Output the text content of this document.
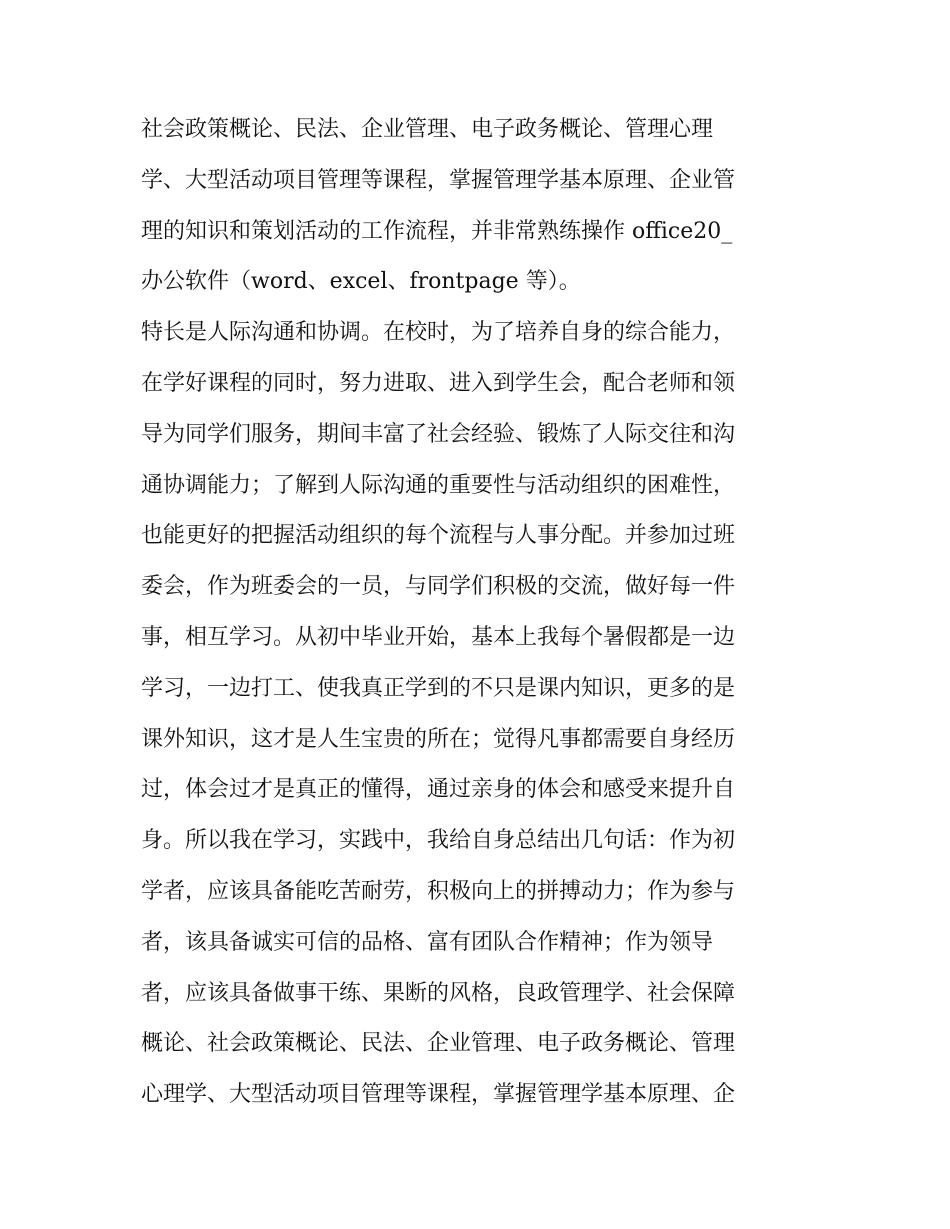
社会政策概论、民法、企业管理、电子政务概论、管理心理
学、大型活动项目管理等课程，掌握管理学基本原理、企业管
理的知识和策划活动的工作流程，并非常熟练操作 office20_
办公软件（word、excel、frontpage 等）。
特长是人际沟通和协调。在校时，为了培养自身的综合能力，
在学好课程的同时，努力进取、进入到学生会，配合老师和领
导为同学们服务，期间丰富了社会经验、锻炼了人际交往和沟
通协调能力；了解到人际沟通的重要性与活动组织的困难性，
也能更好的把握活动组织的每个流程与人事分配。并参加过班
委会，作为班委会的一员，与同学们积极的交流，做好每一件
事，相互学习。从初中毕业开始，基本上我每个暑假都是一边
学习，一边打工、使我真正学到的不只是课内知识，更多的是
课外知识，这才是人生宝贵的所在；觉得凡事都需要自身经历
过，体会过才是真正的懂得，通过亲身的体会和感受来提升自
身。所以我在学习，实践中，我给自身总结出几句话：作为初
学者，应该具备能吃苦耐劳，积极向上的拼搏动力；作为参与
者，该具备诚实可信的品格、富有团队合作精神；作为领导
者，应该具备做事干练、果断的风格，良政管理学、社会保障
概论、社会政策概论、民法、企业管理、电子政务概论、管理
心理学、大型活动项目管理等课程，掌握管理学基本原理、企
